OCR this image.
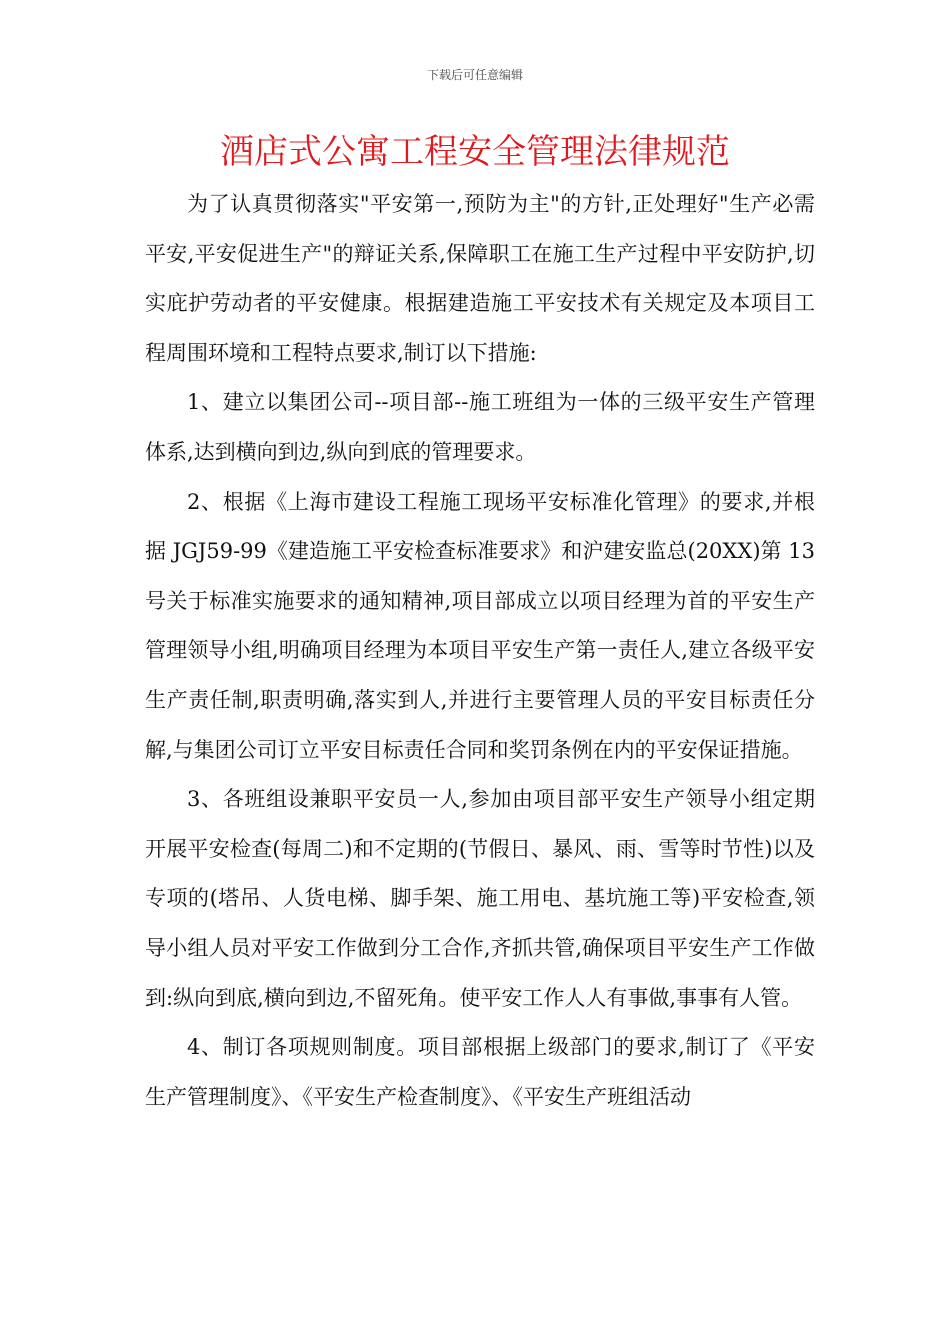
下载后可任意编辑
酒店式公寓工程安全管理法律规范

为了认真贯彻落实"平安第一,预防为主"的方针,正处理好"生产必需平安,平安促进生产"的辩证关系,保障职工在施工生产过程中平安防护,切实庇护劳动者的平安健康。根据建造施工平安技术有关规定及本项目工程周围环境和工程特点要求,制订以下措施:

1、建立以集团公司--项目部--施工班组为一体的三级平安生产管理体系,达到横向到边,纵向到底的管理要求。

2、根据《上海市建设工程施工现场平安标准化管理》的要求,并根据 JGJ59-99《建造施工平安检查标准要求》和沪建安监总(20XX)第 13 号关于标准实施要求的通知精神,项目部成立以项目经理为首的平安生产管理领导小组,明确项目经理为本项目平安生产第一责任人,建立各级平安生产责任制,职责明确,落实到人,并进行主要管理人员的平安目标责任分解,与集团公司订立平安目标责任合同和奖罚条例在内的平安保证措施。

3、各班组设兼职平安员一人,参加由项目部平安生产领导小组定期开展平安检查(每周二)和不定期的(节假日、暴风、雨、雪等时节性)以及专项的(塔吊、人货电梯、脚手架、施工用电、基坑施工等)平安检查,领导小组人员对平安工作做到分工合作,齐抓共管,确保项目平安生产工作做到:纵向到底,横向到边,不留死角。使平安工作人人有事做,事事有人管。

4、制订各项规则制度。项目部根据上级部门的要求,制订了《平安生产管理制度》、《平安生产检查制度》、《平安生产班组活动
